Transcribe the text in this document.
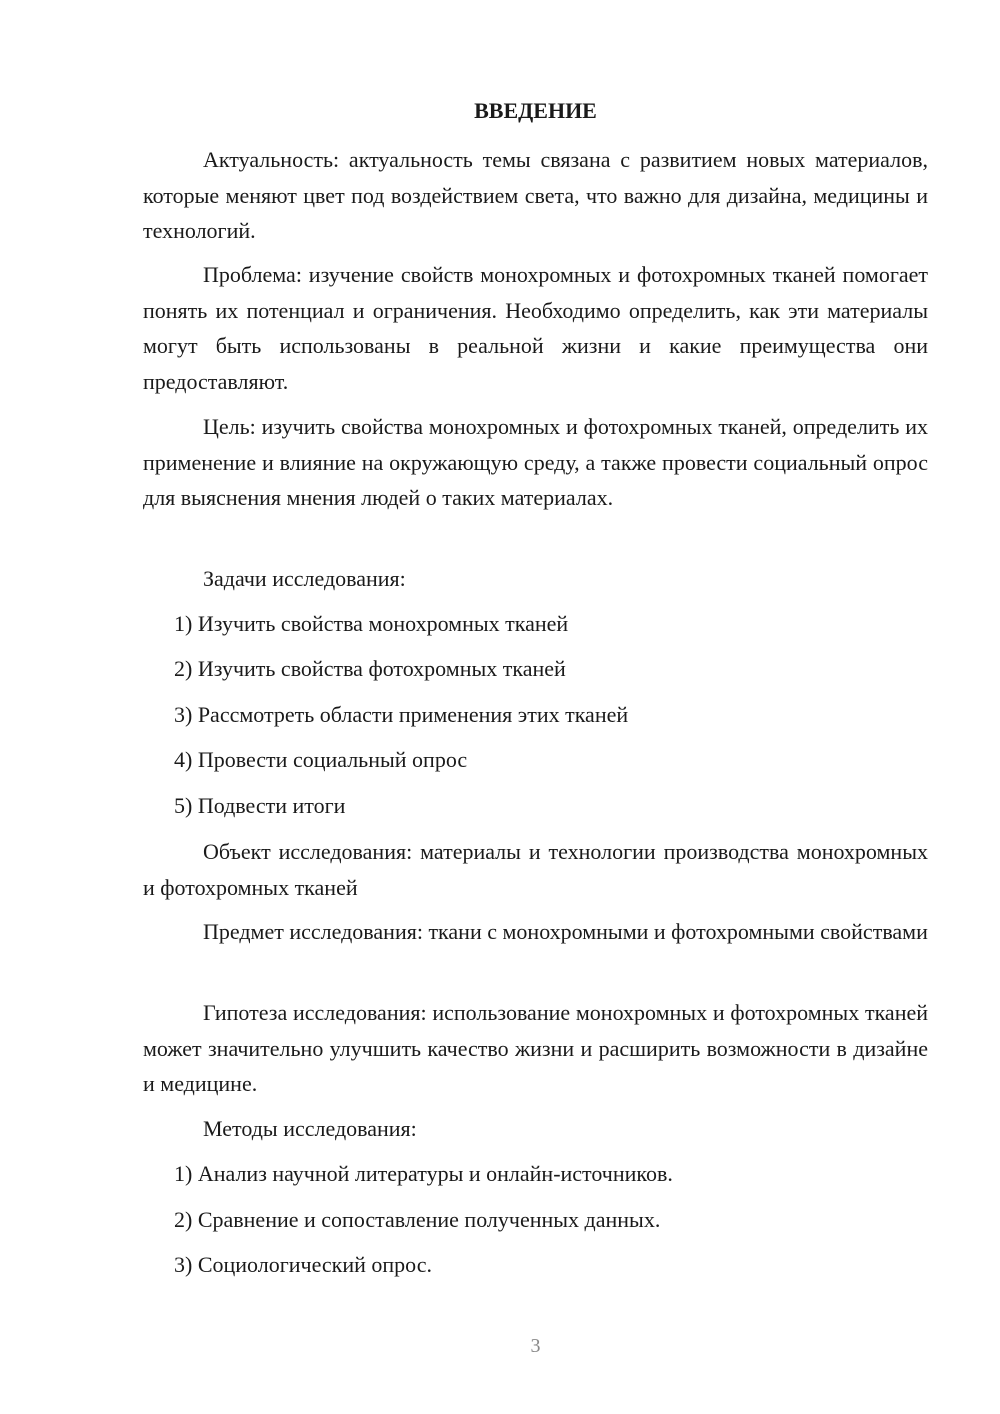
ВВЕДЕНИЕ

Актуальность: актуальность темы связана с развитием новых материалов, которые меняют цвет под воздействием света, что важно для дизайна, медицины и технологий.

Проблема: изучение свойств монохромных и фотохромных тканей помогает понять их потенциал и ограничения. Необходимо определить, как эти материалы могут быть использованы в реальной жизни и какие преимущества они предоставляют.

Цель: изучить свойства монохромных и фотохромных тканей, определить их применение и влияние на окружающую среду, а также провести социальный опрос для выяснения мнения людей о таких материалах.

Задачи исследования:

1) Изучить свойства монохромных тканей

2) Изучить свойства фотохромных тканей

3) Рассмотреть области применения этих тканей

4) Провести социальный опрос

5) Подвести итоги

Объект исследования: материалы и технологии производства монохромных и фотохромных тканей

Предмет исследования: ткани с монохромными и фотохромными свойствами

Гипотеза исследования: использование монохромных и фотохромных тканей может значительно улучшить качество жизни и расширить возможности в дизайне и медицине.

Методы исследования:

1) Анализ научной литературы и онлайн-источников.

2) Сравнение и сопоставление полученных данных.

3) Социологический опрос.

3
